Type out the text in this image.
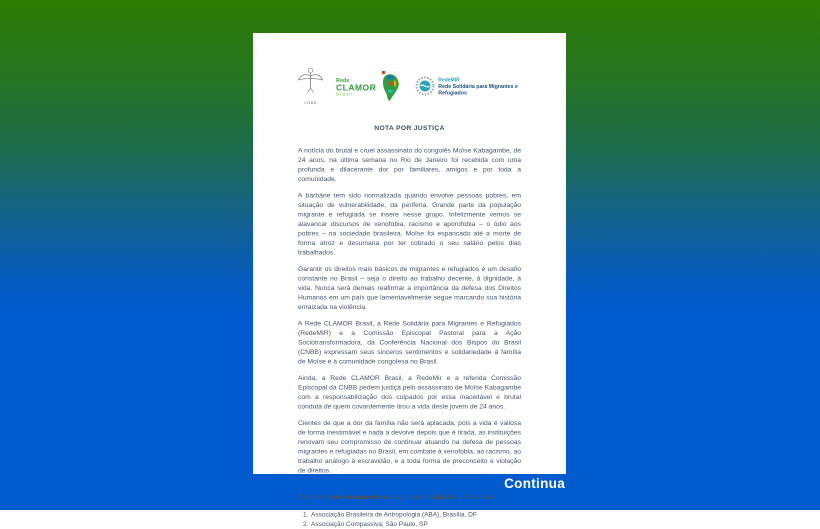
CNBB
Rede
CLAMOR
Brasil
RedeMIR
Rede Solidária para Migrantes e Refugiados
NOTA POR JUSTIÇA

A notícia do brutal e cruel assassinato do congolês Moïse Kabagambe, de 24 anos, na última semana no Rio de Janeiro foi recebida com uma profunda e dilacerante dor por familiares, amigos e por toda a comunidade.

A barbárie tem sido normalizada quando envolve pessoas pobres, em situação de vulnerabilidade, da periferia. Grande parte da população migrante e refugiada se insere nesse grupo. Infelizmente vemos se alavancar discursos de xenofobia, racismo e aporofobia – o ódio aos pobres – na sociedade brasileira. Moïse foi espancado até a morte de forma atroz e desumana por ter cobrado o seu salário pelos dias trabalhados.

Garantir os direitos mais básicos de migrantes e refugiados é um desafio constante no Brasil – seja o direito ao trabalho decente, à dignidade, à vida. Nunca será demais reafirmar a importância da defesa dos Direitos Humanos em um país que lamentavelmente segue marcando sua história enraizada na violência.

A Rede CLAMOR Brasil, a Rede Solidária para Migrantes e Refugiados (RedeMIR) e a Comissão Episcopal Pastoral para a Ação Sociotransformadora, da Conferência Nacional dos Bispos do Brasil (CNBB) expressam seus sinceros sentimentos e solidariedade à família de Moïse e à comunidade congolesa no Brasil.

Ainda, a Rede CLAMOR Brasil, a RedeMir e a referida Comissão Episcopal da CNBB pedem justiça pelo assassinato de Moïse Kabagambe com a responsabilização dos culpados por essa inaceitável e brutal conduta de quem covardemente tirou a vida deste jovem de 24 anos.

Cientes de que a dor da família não será aplacada, pois a vida é valiosa de forma inestimável e nada a devolve depois que é tirada, as instituições renovam seu compromisso de continuar atuando na defesa de pessoas migrantes e refugiadas no Brasil, em combate à xenofobia, ao racismo, ao trabalho análogo à escravidão, e a toda forma de preconceito e violação de direitos.

Assinam este documento as seguintes Entidades e Pastorais:
1. Associação Brasileira de Antropologia (ABA), Brasília, DF
2. Associação Compassiva, São Paulo, SP
Continua
